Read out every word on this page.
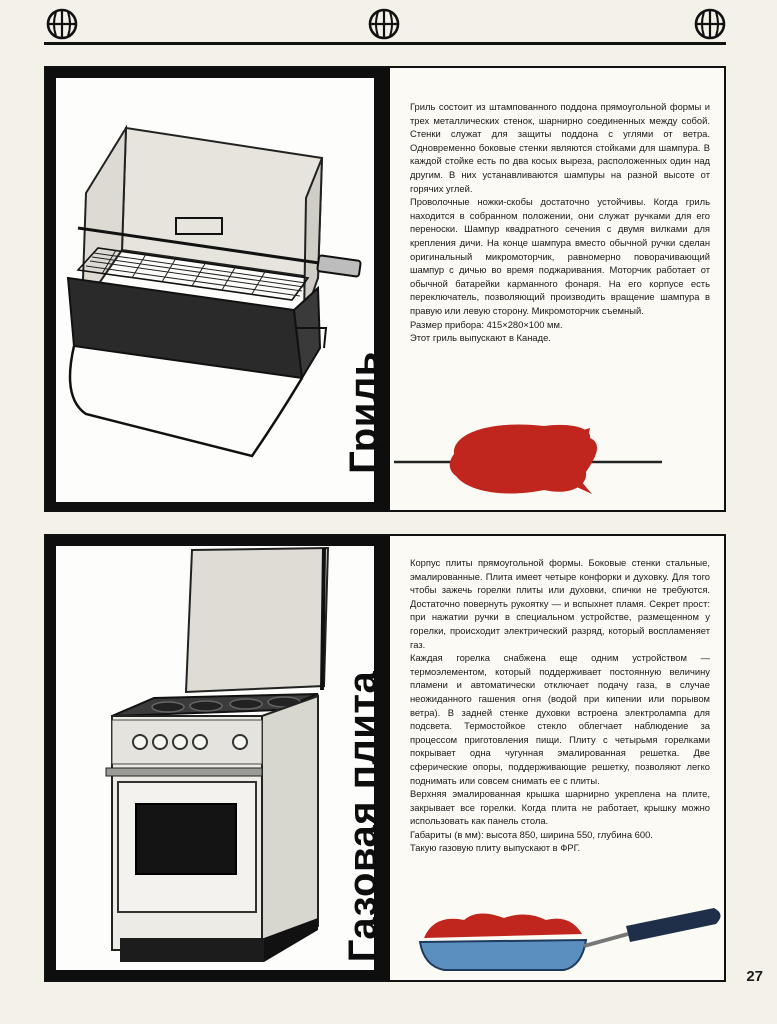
Гриль

Гриль состоит из штампованного поддона прямоугольной формы и трех металлических стенок, шарнирно соединенных между собой. Стенки служат для защиты поддона с углями от ветра. Одновременно боковые стенки являются стойками для шампура. В каждой стойке есть по два косых выреза, расположенных один над другим. В них устанавливаются шампуры на разной высоте от горячих углей.

Проволочные ножки-скобы достаточно устойчивы. Когда гриль находится в собранном положении, они служат ручками для его переноски. Шампур квадратного сечения с двумя вилками для крепления дичи. На конце шампура вместо обычной ручки сделан оригинальный микромоторчик, равномерно поворачивающий шампур с дичью во время поджаривания. Моторчик работает от обычной батарейки карманного фонаря. На его корпусе есть переключатель, позволяющий производить вращение шампура в правую или левую сторону. Микромоторчик съемный.

Размер прибора: 415×280×100 мм.

Этот гриль выпускают в Канаде.

Газовая плита

Корпус плиты прямоугольной формы. Боковые стенки стальные, эмалированные. Плита имеет четыре конфорки и духовку. Для того чтобы зажечь горелки плиты или духовки, спички не требуются. Достаточно повернуть рукоятку — и вспыхнет пламя. Секрет прост: при нажатии ручки в специальном устройстве, размещенном у горелки, происходит электрический разряд, который воспламеняет газ.

Каждая горелка снабжена еще одним устройством — термоэлементом, который поддерживает постоянную величину пламени и автоматически отключает подачу газа, в случае неожиданного гашения огня (водой при кипении или порывом ветра). В задней стенке духовки встроена электролампа для подсвета. Термостойкое стекло облегчает наблюдение за процессом приготовления пищи. Плиту с четырьмя горелками покрывает одна чугунная эмалированная решетка. Две сферические опоры, поддерживающие решетку, позволяют легко поднимать или совсем снимать ее с плиты.

Верхняя эмалированная крышка шарнирно укреплена на плите, закрывает все горелки. Когда плита не работает, крышку можно использовать как панель стола.

Габариты (в мм): высота 850, ширина 550, глубина 600.

Такую газовую плиту выпускают в ФРГ.

27
